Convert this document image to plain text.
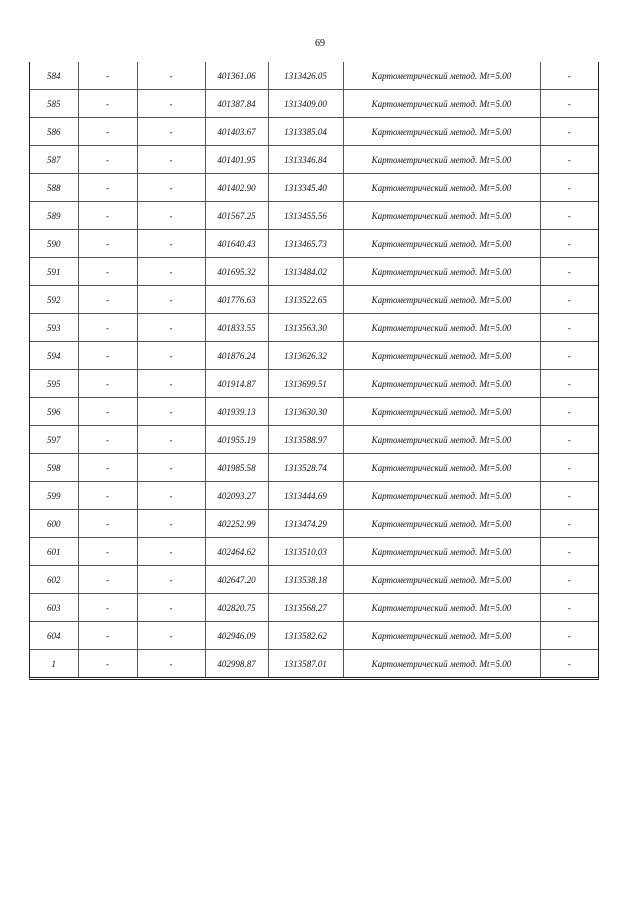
69
584	-	-	401361.06	1313426.05	Картометрический метод. Mt=5.00	-
585	-	-	401387.84	1313409.00	Картометрический метод. Mt=5.00	-
586	-	-	401403.67	1313385.04	Картометрический метод. Mt=5.00	-
587	-	-	401401.95	1313346.84	Картометрический метод. Mt=5.00	-
588	-	-	401402.90	1313345.40	Картометрический метод. Mt=5.00	-
589	-	-	401567.25	1313455.56	Картометрический метод. Mt=5.00	-
590	-	-	401640.43	1313465.73	Картометрический метод. Mt=5.00	-
591	-	-	401695.32	1313484.02	Картометрический метод. Mt=5.00	-
592	-	-	401776.63	1313522.65	Картометрический метод. Mt=5.00	-
593	-	-	401833.55	1313563.30	Картометрический метод. Mt=5.00	-
594	-	-	401876.24	1313626.32	Картометрический метод. Mt=5.00	-
595	-	-	401914.87	1313699.51	Картометрический метод. Mt=5.00	-
596	-	-	401939.13	1313630.30	Картометрический метод. Mt=5.00	-
597	-	-	401955.19	1313588.97	Картометрический метод. Mt=5.00	-
598	-	-	401985.58	1313528.74	Картометрический метод. Mt=5.00	-
599	-	-	402093.27	1313444.69	Картометрический метод. Mt=5.00	-
600	-	-	402252.99	1313474.29	Картометрический метод. Mt=5.00	-
601	-	-	402464.62	1313510.03	Картометрический метод. Mt=5.00	-
602	-	-	402647.20	1313538.18	Картометрический метод. Mt=5.00	-
603	-	-	402820.75	1313568.27	Картометрический метод. Mt=5.00	-
604	-	-	402946.09	1313582.62	Картометрический метод. Mt=5.00	-
1	-	-	402998.87	1313587.01	Картометрический метод. Mt=5.00	-
